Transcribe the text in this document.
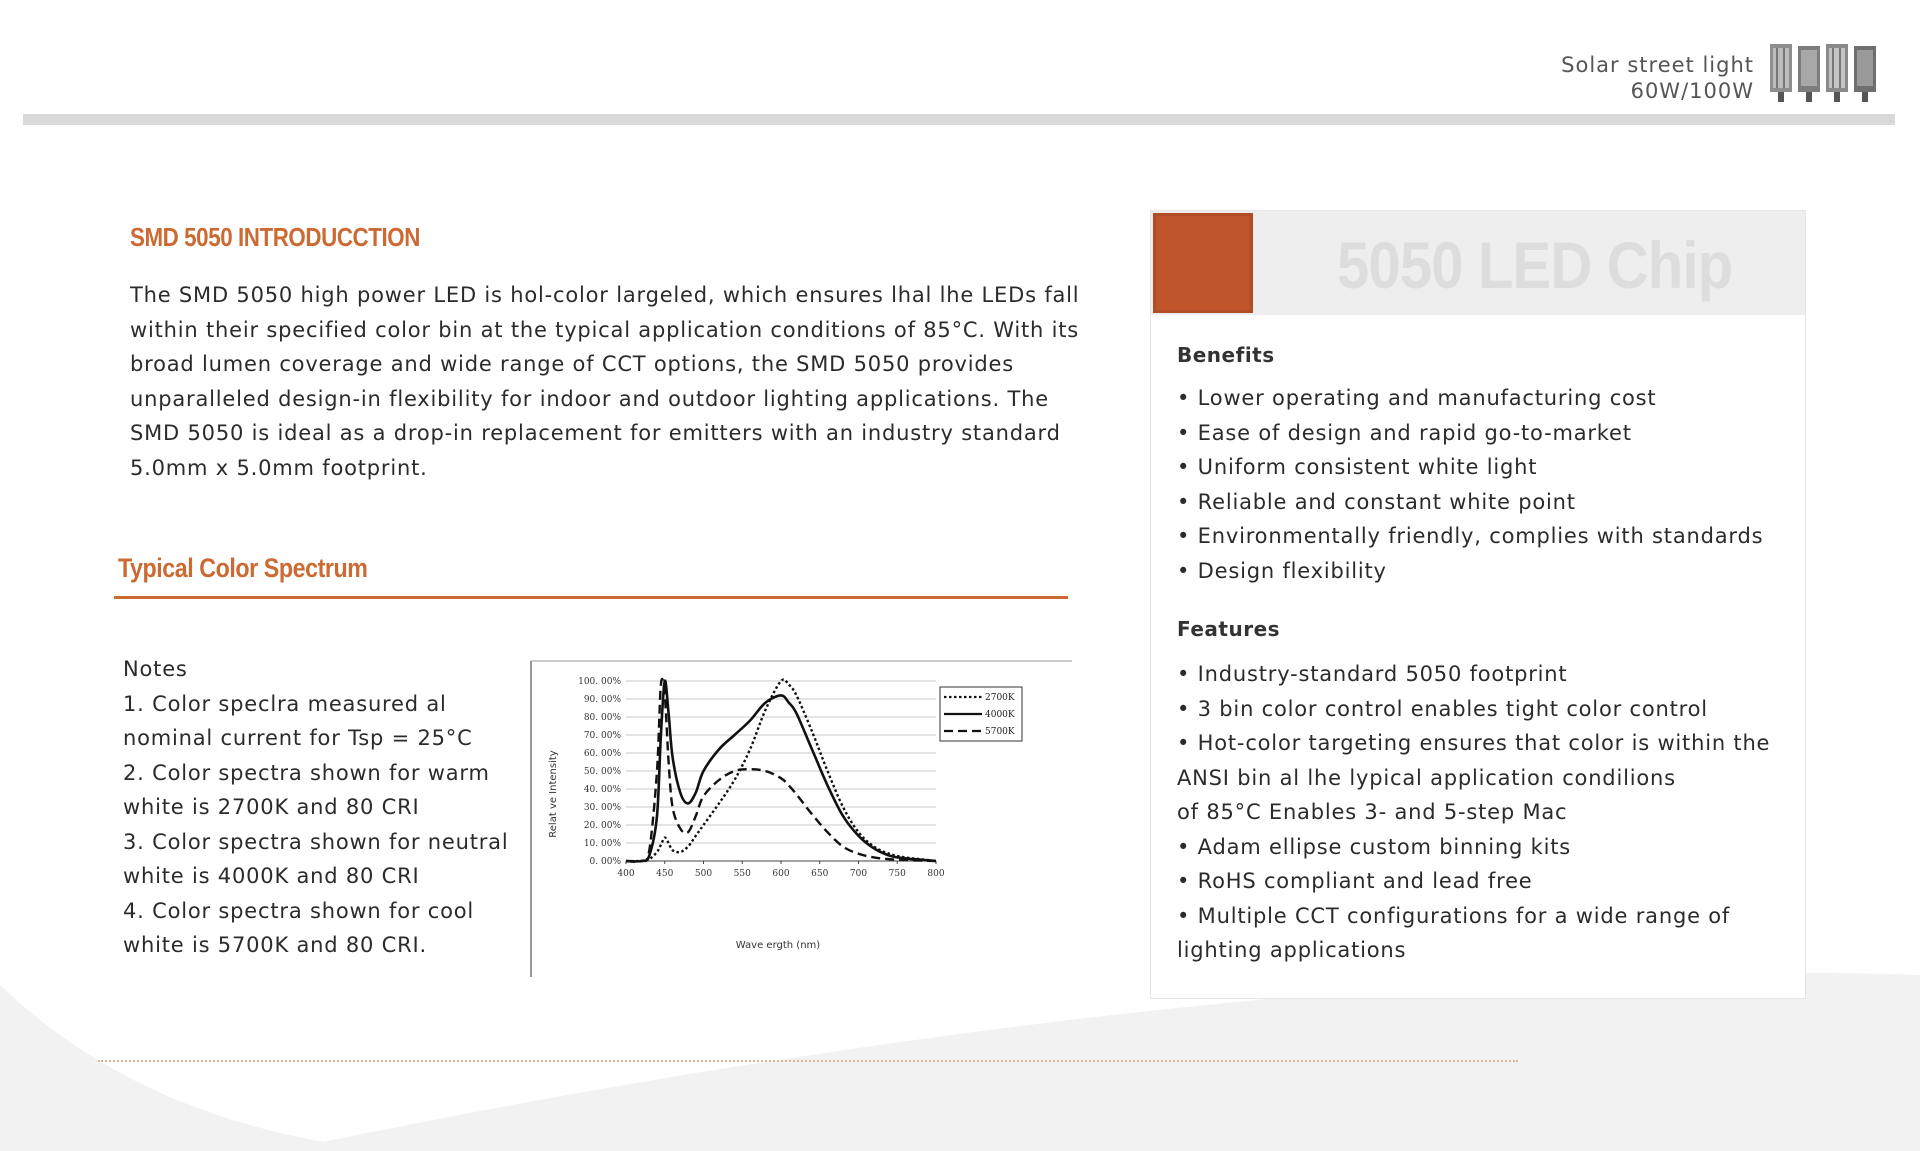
Solar street light
60W/100W
SMD 5050 INTRODUCCTION
The SMD 5050 high power LED is hol-color largeled, which ensures lhal lhe LEDs fall
within their specified color bin at the typical application conditions of 85°C. With its
broad lumen coverage and wide range of CCT options, the SMD 5050 provides
unparalleled design-in flexibility for indoor and outdoor lighting applications. The
SMD 5050 is ideal as a drop-in replacement for emitters with an industry standard
5.0mm x 5.0mm footprint.
Typical Color Spectrum
Notes
1. Color speclra measured al
nominal current for Tsp = 25°C
2. Color spectra shown for warm
white is 2700K and 80 CRI
3. Color spectra shown for neutral
white is 4000K and 80 CRI
4. Color spectra shown for cool
white is 5700K and 80 CRI.
0. 00%
10. 00%
20. 00%
30. 00%
40. 00%
50. 00%
60. 00%
70. 00%
80. 00%
90. 00%
100. 00%
400 450 500 550 600 650 700 750 800
Relat ve Intensity
Wave ergth (nm)
2700K
4000K
5700K
5050 LED Chip
Benefits
• Lower operating and manufacturing cost
• Ease of design and rapid go-to-market
• Uniform consistent white light
• Reliable and constant white point
• Environmentally friendly, complies with standards
• Design flexibility
Features
• Industry-standard 5050 footprint
• 3 bin color control enables tight color control
• Hot-color targeting ensures that color is within the
ANSI bin al lhe lypical application condilions
of 85°C Enables 3- and 5-step Mac
• Adam ellipse custom binning kits
• RoHS compliant and lead free
• Multiple CCT configurations for a wide range of
lighting applications
